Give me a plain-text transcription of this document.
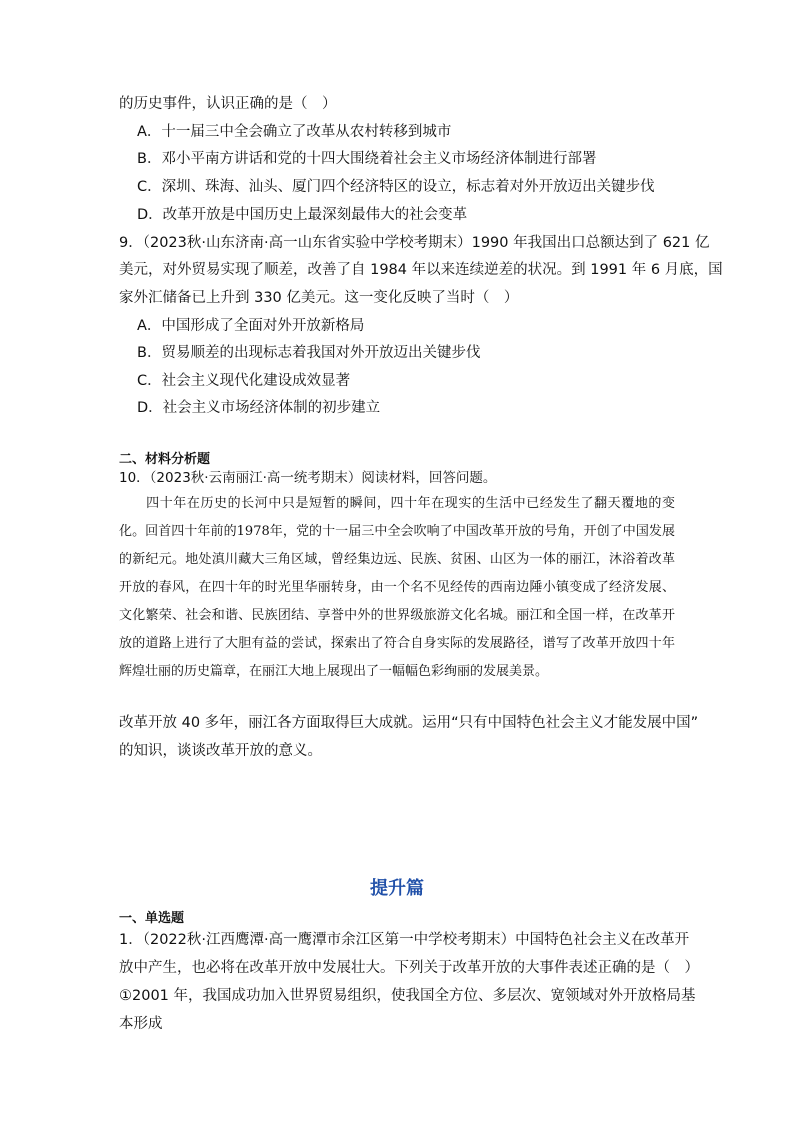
的历史事件，认识正确的是（　）
A．十一届三中全会确立了改革从农村转移到城市
B．邓小平南方讲话和党的十四大围绕着社会主义市场经济体制进行部署
C．深圳、珠海、汕头、厦门四个经济特区的设立，标志着对外开放迈出关键步伐
D．改革开放是中国历史上最深刻最伟大的社会变革
9．（2023秋·山东济南·高一山东省实验中学校考期末）1990 年我国出口总额达到了 621 亿
美元，对外贸易实现了顺差，改善了自 1984 年以来连续逆差的状况。到 1991 年 6 月底，国
家外汇储备已上升到 330 亿美元。这一变化反映了当时（　）
A．中国形成了全面对外开放新格局
B．贸易顺差的出现标志着我国对外开放迈出关键步伐
C．社会主义现代化建设成效显著
D．社会主义市场经济体制的初步建立
二、材料分析题
10．（2023秋·云南丽江·高一统考期末）阅读材料，回答问题。

　　四十年在历史的长河中只是短暂的瞬间，四十年在现实的生活中已经发生了翻天覆地的变化。回首四十年前的1978年，党的十一届三中全会吹响了中国改革开放的号角，开创了中国发展的新纪元。地处滇川藏大三角区域，曾经集边远、民族、贫困、山区为一体的丽江，沐浴着改革开放的春风，在四十年的时光里华丽转身，由一个名不见经传的西南边陲小镇变成了经济发展、文化繁荣、社会和谐、民族团结、享誉中外的世界级旅游文化名城。丽江和全国一样，在改革开放的道路上进行了大胆有益的尝试，探索出了符合自身实际的发展路径，谱写了改革开放四十年辉煌壮丽的历史篇章，在丽江大地上展现出了一幅幅色彩绚丽的发展美景。

改革开放 40 多年，丽江各方面取得巨大成就。运用“只有中国特色社会主义才能发展中国”
的知识，谈谈改革开放的意义。
提升篇
一、单选题
1．（2022秋·江西鹰潭·高一鹰潭市余江区第一中学校考期末）中国特色社会主义在改革开
放中产生，也必将在改革开放中发展壮大。下列关于改革开放的大事件表述正确的是（　）
①2001 年，我国成功加入世界贸易组织，使我国全方位、多层次、宽领域对外开放格局基
本形成
